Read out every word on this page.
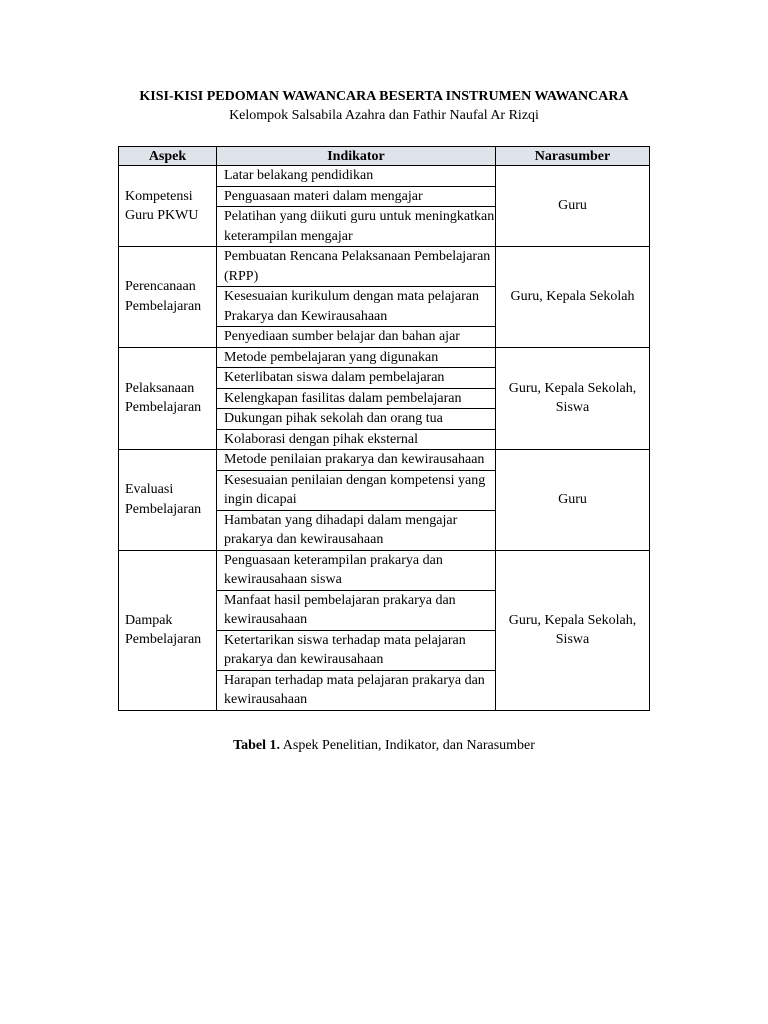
KISI-KISI PEDOMAN WAWANCARA BESERTA INSTRUMEN WAWANCARA

Kelompok Salsabila Azahra dan Fathir Naufal Ar Rizqi

Aspek	Indikator	Narasumber
Kompetensi Guru PKWU	Latar belakang pendidikan	Guru
	Penguasaan materi dalam mengajar	
	Pelatihan yang diikuti guru untuk meningkatkan keterampilan mengajar	
Perencanaan Pembelajaran	Pembuatan Rencana Pelaksanaan Pembelajaran (RPP)	Guru, Kepala Sekolah
	Kesesuaian kurikulum dengan mata pelajaran Prakarya dan Kewirausahaan	
	Penyediaan sumber belajar dan bahan ajar	
Pelaksanaan Pembelajaran	Metode pembelajaran yang digunakan	Guru, Kepala Sekolah, Siswa
	Keterlibatan siswa dalam pembelajaran	
	Kelengkapan fasilitas dalam pembelajaran	
	Dukungan pihak sekolah dan orang tua	
	Kolaborasi dengan pihak eksternal	
Evaluasi Pembelajaran	Metode penilaian prakarya dan kewirausahaan	Guru
	Kesesuaian penilaian dengan kompetensi yang ingin dicapai	
	Hambatan yang dihadapi dalam mengajar prakarya dan kewirausahaan	
Dampak Pembelajaran	Penguasaan keterampilan prakarya dan kewirausahaan siswa	Guru, Kepala Sekolah, Siswa
	Manfaat hasil pembelajaran prakarya dan kewirausahaan	
	Ketertarikan siswa terhadap mata pelajaran prakarya dan kewirausahaan	
	Harapan terhadap mata pelajaran prakarya dan kewirausahaan	

Tabel 1. Aspek Penelitian, Indikator, dan Narasumber
